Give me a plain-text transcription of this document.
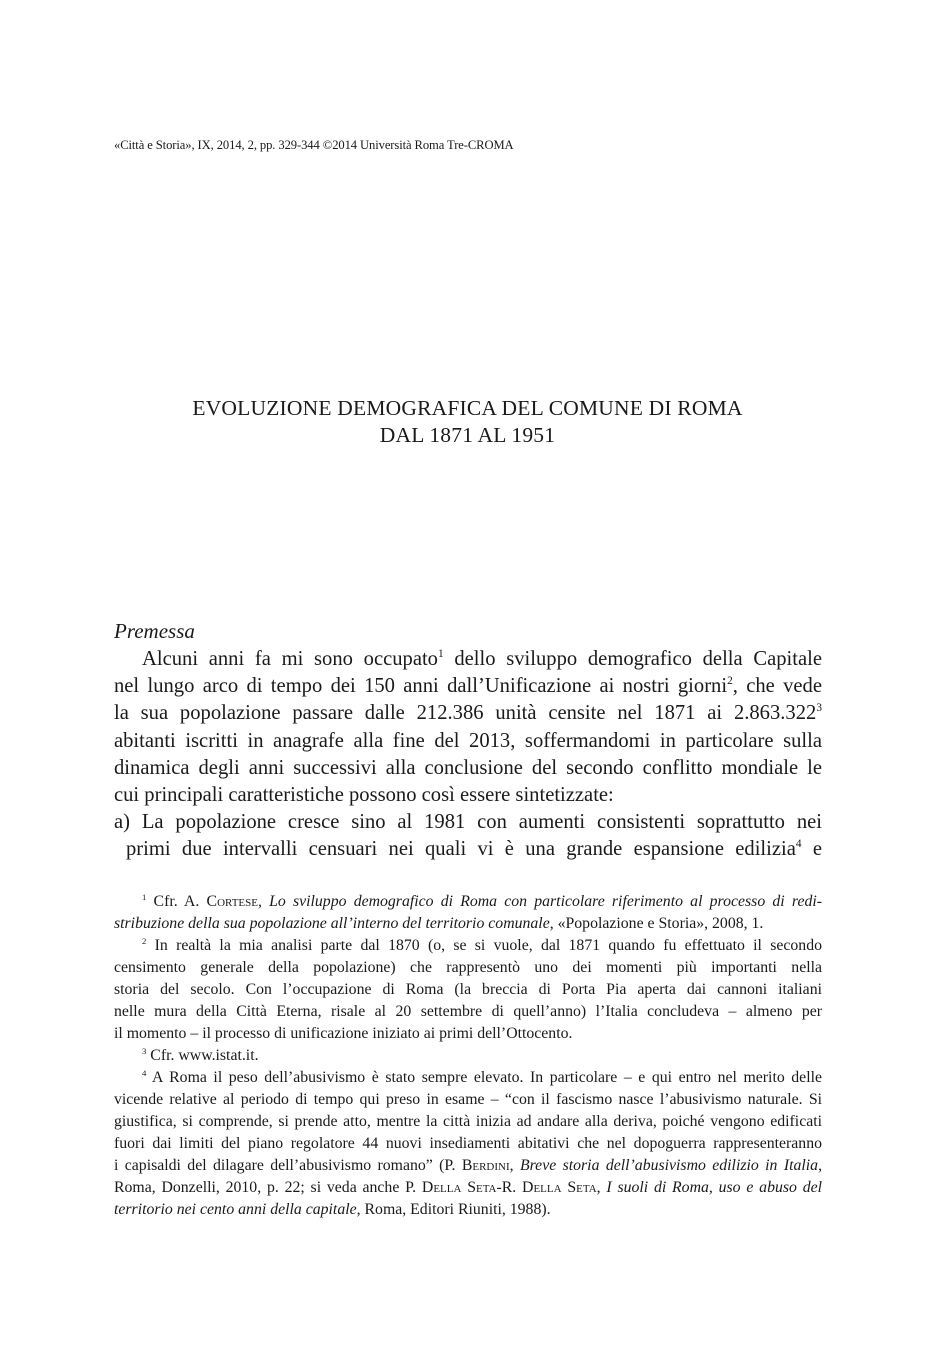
«Città e Storia», IX, 2014, 2, pp. 329-344 ©2014 Università Roma Tre-CROMA
EVOLUZIONE DEMOGRAFICA DEL COMUNE DI ROMA
DAL 1871 AL 1951
Premessa
Alcuni anni fa mi sono occupato$^1$ dello sviluppo demografico della Capitale
nel lungo arco di tempo dei 150 anni dall’Unificazione ai nostri giorni$^2$, che vede
la sua popolazione passare dalle 212.386 unità censite nel 1871 ai 2.863.322$^3$
abitanti iscritti in anagrafe alla fine del 2013, soffermandomi in particolare sulla
dinamica degli anni successivi alla conclusione del secondo conflitto mondiale le
cui principali caratteristiche possono così essere sintetizzate:
a) La popolazione cresce sino al 1981 con aumenti consistenti soprattutto nei
primi due intervalli censuari nei quali vi è una grande espansione edilizia$^4$ e
$^1$ Cfr. A. Cortese, Lo sviluppo demografico di Roma con particolare riferimento al processo di redi-
stribuzione della sua popolazione all’interno del territorio comunale, «Popolazione e Storia», 2008, 1.
$^2$ In realtà la mia analisi parte dal 1870 (o, se si vuole, dal 1871 quando fu effettuato il secondo
censimento generale della popolazione) che rappresentò uno dei momenti più importanti nella
storia del secolo. Con l’occupazione di Roma (la breccia di Porta Pia aperta dai cannoni italiani
nelle mura della Città Eterna, risale al 20 settembre di quell’anno) l’Italia concludeva – almeno per
il momento – il processo di unificazione iniziato ai primi dell’Ottocento.
$^3$ Cfr. www.istat.it.
$^4$ A Roma il peso dell’abusivismo è stato sempre elevato. In particolare – e qui entro nel merito delle
vicende relative al periodo di tempo qui preso in esame – “con il fascismo nasce l’abusivismo naturale. Si
giustifica, si comprende, si prende atto, mentre la città inizia ad andare alla deriva, poiché vengono edificati
fuori dai limiti del piano regolatore 44 nuovi insediamenti abitativi che nel dopoguerra rappresenteranno
i capisaldi del dilagare dell’abusivismo romano” (P. Berdini, Breve storia dell’abusivismo edilizio in Italia,
Roma, Donzelli, 2010, p. 22; si veda anche P. Della Seta-R. Della Seta, I suoli di Roma, uso e abuso del
territorio nei cento anni della capitale, Roma, Editori Riuniti, 1988).
